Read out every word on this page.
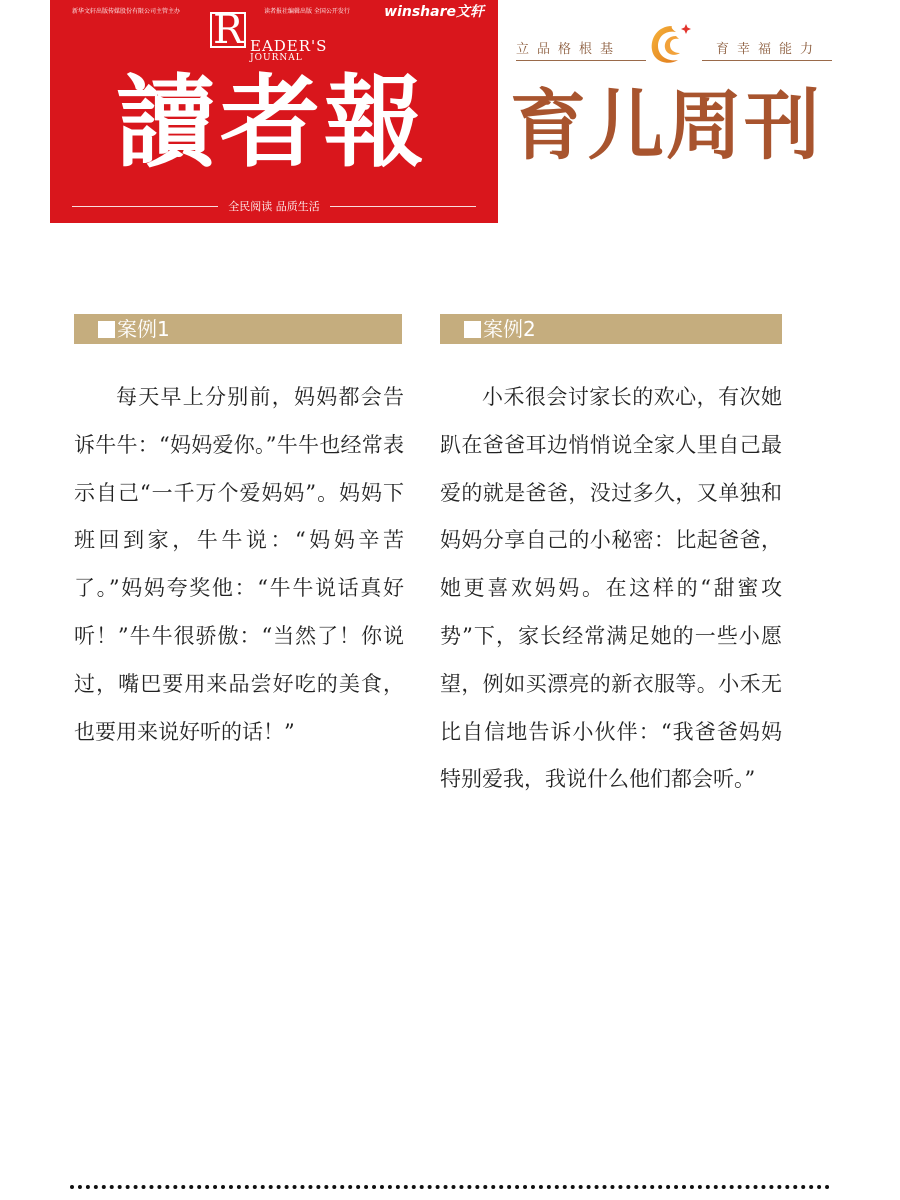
新华文轩出版传媒股份有限公司主管主办	读者报社编辑出版 全国公开发行 winshare文轩
R EADER'S
JOURNAL
讀者報
全民阅读 品质生活
立品格根基	育幸福能力
育儿周刊
案例1

每天早上分别前，妈妈都会告诉牛牛：“妈妈爱你。”牛牛也经常表示自己“一千万个爱妈妈”。妈妈下班回到家，牛牛说：“妈妈辛苦了。”妈妈夸奖他：“牛牛说话真好听！”牛牛很骄傲：“当然了！你说过，嘴巴要用来品尝好吃的美食，也要用来说好听的话！”

案例2

小禾很会讨家长的欢心，有次她趴在爸爸耳边悄悄说全家人里自己最爱的就是爸爸，没过多久，又单独和妈妈分享自己的小秘密：比起爸爸，她更喜欢妈妈。在这样的“甜蜜攻势”下，家长经常满足她的一些小愿望，例如买漂亮的新衣服等。小禾无比自信地告诉小伙伴：“我爸爸妈妈特别爱我，我说什么他们都会听。”
